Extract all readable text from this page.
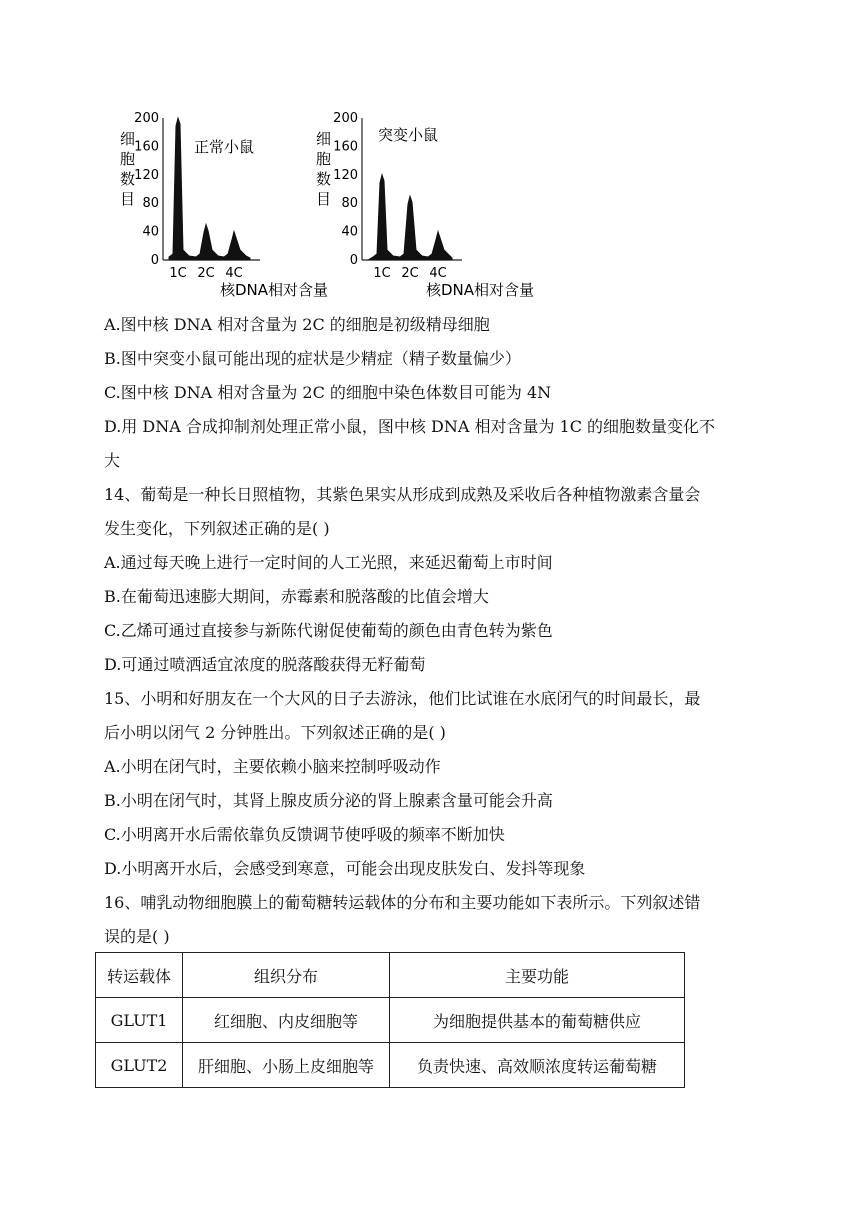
细
胞
数
目
200
160
120
80
40
0
正常小鼠
1C 2C 4C
核DNA相对含量
细
胞
数
目
200
160
120
80
40
0
突变小鼠
1C 2C 4C
核DNA相对含量
A.图中核 DNA 相对含量为 2C 的细胞是初级精母细胞
B.图中突变小鼠可能出现的症状是少精症（精子数量偏少）
C.图中核 DNA 相对含量为 2C 的细胞中染色体数目可能为 4N
D.用 DNA 合成抑制剂处理正常小鼠，图中核 DNA 相对含量为 1C 的细胞数量变化不
大
14、葡萄是一种长日照植物，其紫色果实从形成到成熟及采收后各种植物激素含量会
发生变化，下列叙述正确的是( )
A.通过每天晚上进行一定时间的人工光照，来延迟葡萄上市时间
B.在葡萄迅速膨大期间，赤霉素和脱落酸的比值会增大
C.乙烯可通过直接参与新陈代谢促使葡萄的颜色由青色转为紫色
D.可通过喷洒适宜浓度的脱落酸获得无籽葡萄
15、小明和好朋友在一个大风的日子去游泳，他们比试谁在水底闭气的时间最长，最
后小明以闭气 2 分钟胜出。下列叙述正确的是( )
A.小明在闭气时，主要依赖小脑来控制呼吸动作
B.小明在闭气时，其肾上腺皮质分泌的肾上腺素含量可能会升高
C.小明离开水后需依靠负反馈调节使呼吸的频率不断加快
D.小明离开水后，会感受到寒意，可能会出现皮肤发白、发抖等现象
16、哺乳动物细胞膜上的葡萄糖转运载体的分布和主要功能如下表所示。下列叙述错
误的是( )
转运载体	组织分布	主要功能
GLUT1	红细胞、内皮细胞等	为细胞提供基本的葡萄糖供应
GLUT2	肝细胞、小肠上皮细胞等	负责快速、高效顺浓度转运葡萄糖
